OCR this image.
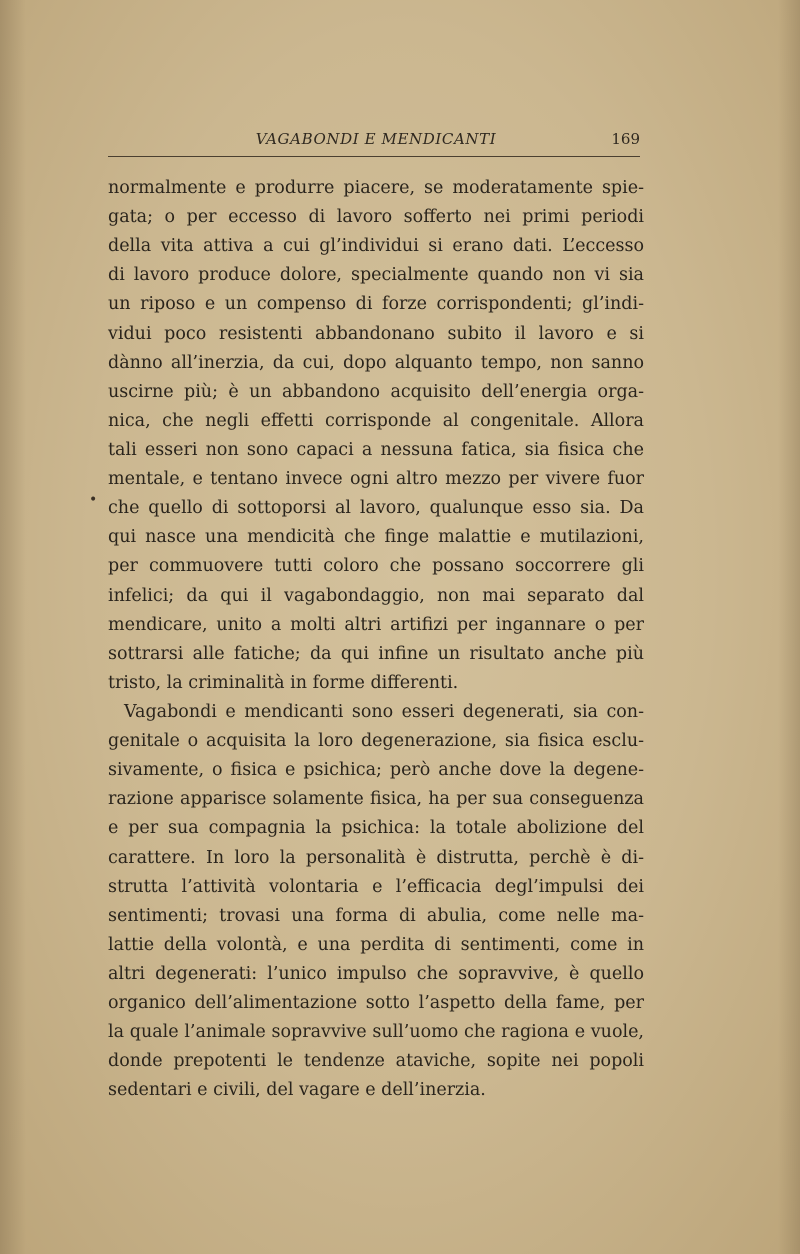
VAGABONDI E MENDICANTI	169
•
normalmente e produrre piacere, se moderatamente spie-
gata; o per eccesso di lavoro sofferto nei primi periodi
della vita attiva a cui gl’individui si erano dati. L’eccesso
di lavoro produce dolore, specialmente quando non vi sia
un riposo e un compenso di forze corrispondenti; gl’indi-
vidui poco resistenti abbandonano subito il lavoro e si
dànno all’inerzia, da cui, dopo alquanto tempo, non sanno
uscirne più; è un abbandono acquisito dell’energia orga-
nica, che negli effetti corrisponde al congenitale. Allora
tali esseri non sono capaci a nessuna fatica, sia fisica che
mentale, e tentano invece ogni altro mezzo per vivere fuor
che quello di sottoporsi al lavoro, qualunque esso sia. Da
qui nasce una mendicità che finge malattie e mutilazioni,
per commuovere tutti coloro che possano soccorrere gli
infelici; da qui il vagabondaggio, non mai separato dal
mendicare, unito a molti altri artifizi per ingannare o per
sottrarsi alle fatiche; da qui infine un risultato anche più
tristo, la criminalità in forme differenti.
Vagabondi e mendicanti sono esseri degenerati, sia con-
genitale o acquisita la loro degenerazione, sia fisica esclu-
sivamente, o fisica e psichica; però anche dove la degene-
razione apparisce solamente fisica, ha per sua conseguenza
e per sua compagnia la psichica: la totale abolizione del
carattere. In loro la personalità è distrutta, perchè è di-
strutta l’attività volontaria e l’efficacia degl’impulsi dei
sentimenti; trovasi una forma di abulia, come nelle ma-
lattie della volontà, e una perdita di sentimenti, come in
altri degenerati: l’unico impulso che sopravvive, è quello
organico dell’alimentazione sotto l’aspetto della fame, per
la quale l’animale sopravvive sull’uomo che ragiona e vuole,
donde prepotenti le tendenze ataviche, sopite nei popoli
sedentari e civili, del vagare e dell’inerzia.
